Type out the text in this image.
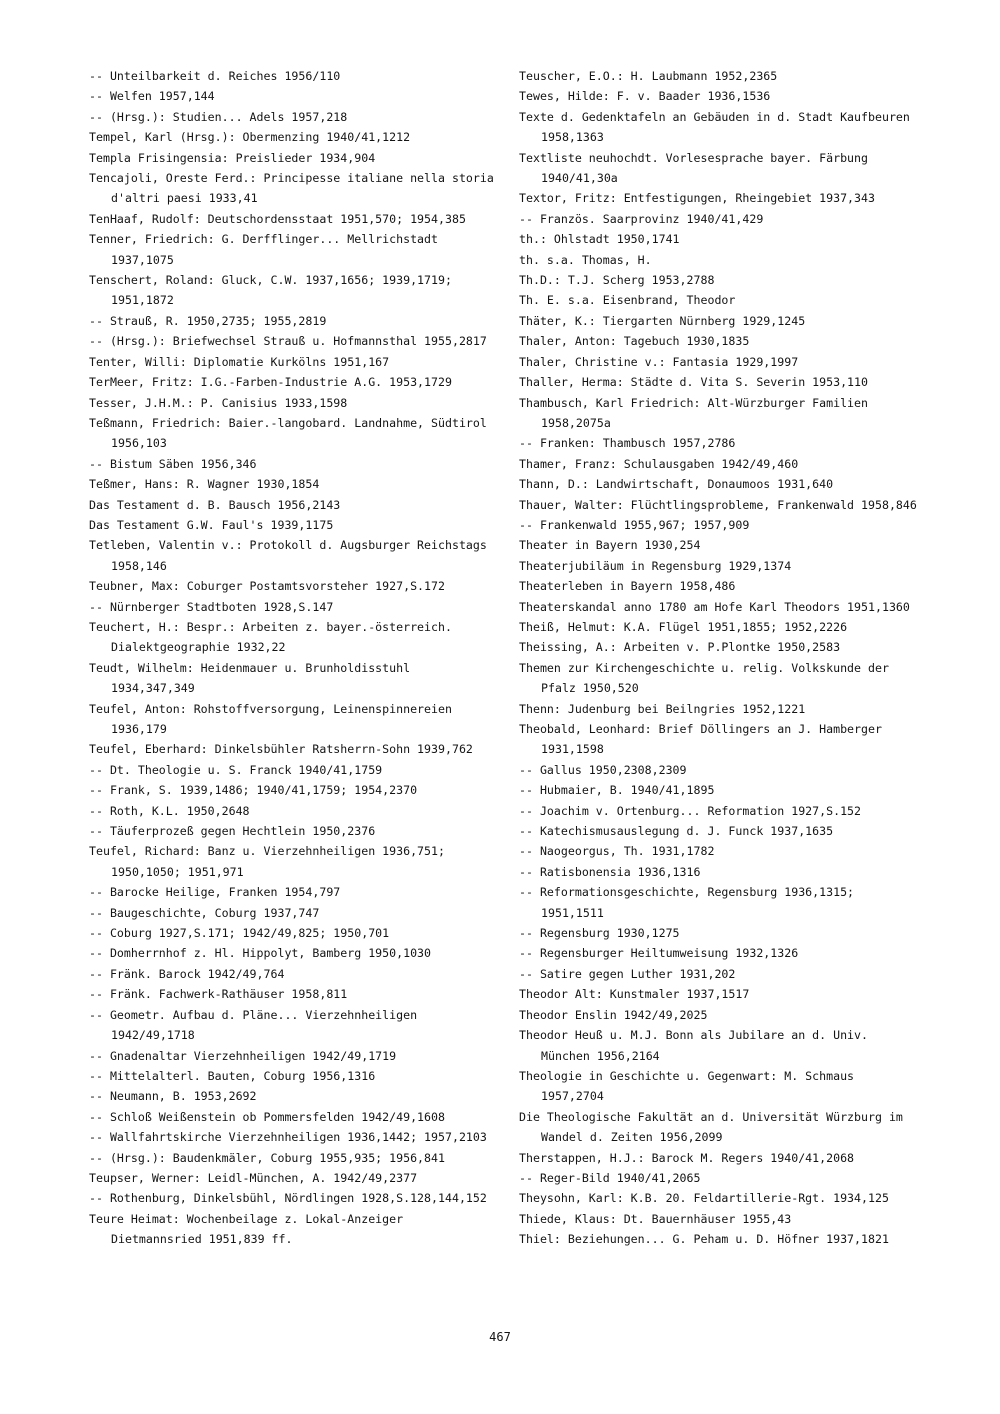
-- Unteilbarkeit d. Reiches 1956/110
-- Welfen 1957,144
-- (Hrsg.): Studien... Adels 1957,218
Tempel, Karl (Hrsg.): Obermenzing 1940/41,1212
Templa Frisingensia: Preislieder 1934,904
Tencajoli, Oreste Ferd.: Principesse italiane nella storia d'altri paesi 1933,41
TenHaaf, Rudolf: Deutschordensstaat 1951,570; 1954,385
Tenner, Friedrich: G. Derfflinger... Mellrichstadt 1937,1075
Tenschert, Roland: Gluck, C.W. 1937,1656; 1939,1719; 1951,1872
-- Strauß, R. 1950,2735; 1955,2819
-- (Hrsg.): Briefwechsel Strauß u. Hofmannsthal 1955,2817
Tenter, Willi: Diplomatie Kurkölns 1951,167
TerMeer, Fritz: I.G.-Farben-Industrie A.G. 1953,1729
Tesser, J.H.M.: P. Canisius 1933,1598
Teßmann, Friedrich: Baier.-langobard. Landnahme, Südtirol 1956,103
-- Bistum Säben 1956,346
Teßmer, Hans: R. Wagner 1930,1854
Das Testament d. B. Bausch 1956,2143
Das Testament G.W. Faul's 1939,1175
Tetleben, Valentin v.: Protokoll d. Augsburger Reichstags 1958,146
Teubner, Max: Coburger Postamtsvorsteher 1927,S.172
-- Nürnberger Stadtboten 1928,S.147
Teuchert, H.: Bespr.: Arbeiten z. bayer.-österreich. Dialektgeographie 1932,22
Teudt, Wilhelm: Heidenmauer u. Brunholdisstuhl 1934,347,349
Teufel, Anton: Rohstoffversorgung, Leinenspinnereien 1936,179
Teufel, Eberhard: Dinkelsbühler Ratsherrn-Sohn 1939,762
-- Dt. Theologie u. S. Franck 1940/41,1759
-- Frank, S. 1939,1486; 1940/41,1759; 1954,2370
-- Roth, K.L. 1950,2648
-- Täuferprozeß gegen Hechtlein 1950,2376
Teufel, Richard: Banz u. Vierzehnheiligen 1936,751; 1950,1050; 1951,971
-- Barocke Heilige, Franken 1954,797
-- Baugeschichte, Coburg 1937,747
-- Coburg 1927,S.171; 1942/49,825; 1950,701
-- Domherrnhof z. Hl. Hippolyt, Bamberg 1950,1030
-- Fränk. Barock 1942/49,764
-- Fränk. Fachwerk-Rathäuser 1958,811
-- Geometr. Aufbau d. Pläne... Vierzehnheiligen 1942/49,1718
-- Gnadenaltar Vierzehnheiligen 1942/49,1719
-- Mittelalterl. Bauten, Coburg 1956,1316
-- Neumann, B. 1953,2692
-- Schloß Weißenstein ob Pommersfelden 1942/49,1608
-- Wallfahrtskirche Vierzehnheiligen 1936,1442; 1957,2103
-- (Hrsg.): Baudenkmäler, Coburg 1955,935; 1956,841
Teupser, Werner: Leidl-München, A. 1942/49,2377
-- Rothenburg, Dinkelsbühl, Nördlingen 1928,S.128,144,152
Teure Heimat: Wochenbeilage z. Lokal-Anzeiger Dietmannsried 1951,839 ff.
Teuscher, E.O.: H. Laubmann 1952,2365
Tewes, Hilde: F. v. Baader 1936,1536
Texte d. Gedenktafeln an Gebäuden in d. Stadt Kaufbeuren 1958,1363
Textliste neuhochdt. Vorlesesprache bayer. Färbung 1940/41,30a
Textor, Fritz: Entfestigungen, Rheingebiet 1937,343
-- Französ. Saarprovinz 1940/41,429
th.: Ohlstadt 1950,1741
th. s.a. Thomas, H.
Th.D.: T.J. Scherg 1953,2788
Th. E. s.a. Eisenbrand, Theodor
Thäter, K.: Tiergarten Nürnberg 1929,1245
Thaler, Anton: Tagebuch 1930,1835
Thaler, Christine v.: Fantasia 1929,1997
Thaller, Herma: Städte d. Vita S. Severin 1953,110
Thambusch, Karl Friedrich: Alt-Würzburger Familien 1958,2075a
-- Franken: Thambusch 1957,2786
Thamer, Franz: Schulausgaben 1942/49,460
Thann, D.: Landwirtschaft, Donaumoos 1931,640
Thauer, Walter: Flüchtlingsprobleme, Frankenwald 1958,846
-- Frankenwald 1955,967; 1957,909
Theater in Bayern 1930,254
Theaterjubiläum in Regensburg 1929,1374
Theaterleben in Bayern 1958,486
Theaterskandal anno 1780 am Hofe Karl Theodors 1951,1360
Theiß, Helmut: K.A. Flügel 1951,1855; 1952,2226
Theissing, A.: Arbeiten v. P.Plontke 1950,2583
Themen zur Kirchengeschichte u. relig. Volkskunde der Pfalz 1950,520
Thenn: Judenburg bei Beilngries 1952,1221
Theobald, Leonhard: Brief Döllingers an J. Hamberger 1931,1598
-- Gallus 1950,2308,2309
-- Hubmaier, B. 1940/41,1895
-- Joachim v. Ortenburg... Reformation 1927,S.152
-- Katechismusauslegung d. J. Funck 1937,1635
-- Naogeorgus, Th. 1931,1782
-- Ratisbonensia 1936,1316
-- Reformationsgeschichte, Regensburg 1936,1315; 1951,1511
-- Regensburg 1930,1275
-- Regensburger Heiltumweisung 1932,1326
-- Satire gegen Luther 1931,202
Theodor Alt: Kunstmaler 1937,1517
Theodor Enslin 1942/49,2025
Theodor Heuß u. M.J. Bonn als Jubilare an d. Univ. München 1956,2164
Theologie in Geschichte u. Gegenwart: M. Schmaus 1957,2704
Die Theologische Fakultät an d. Universität Würzburg im Wandel d. Zeiten 1956,2099
Therstappen, H.J.: Barock M. Regers 1940/41,2068
-- Reger-Bild 1940/41,2065
Theysohn, Karl: K.B. 20. Feldartillerie-Rgt. 1934,125
Thiede, Klaus: Dt. Bauernhäuser 1955,43
Thiel: Beziehungen... G. Peham u. D. Höfner 1937,1821
467
